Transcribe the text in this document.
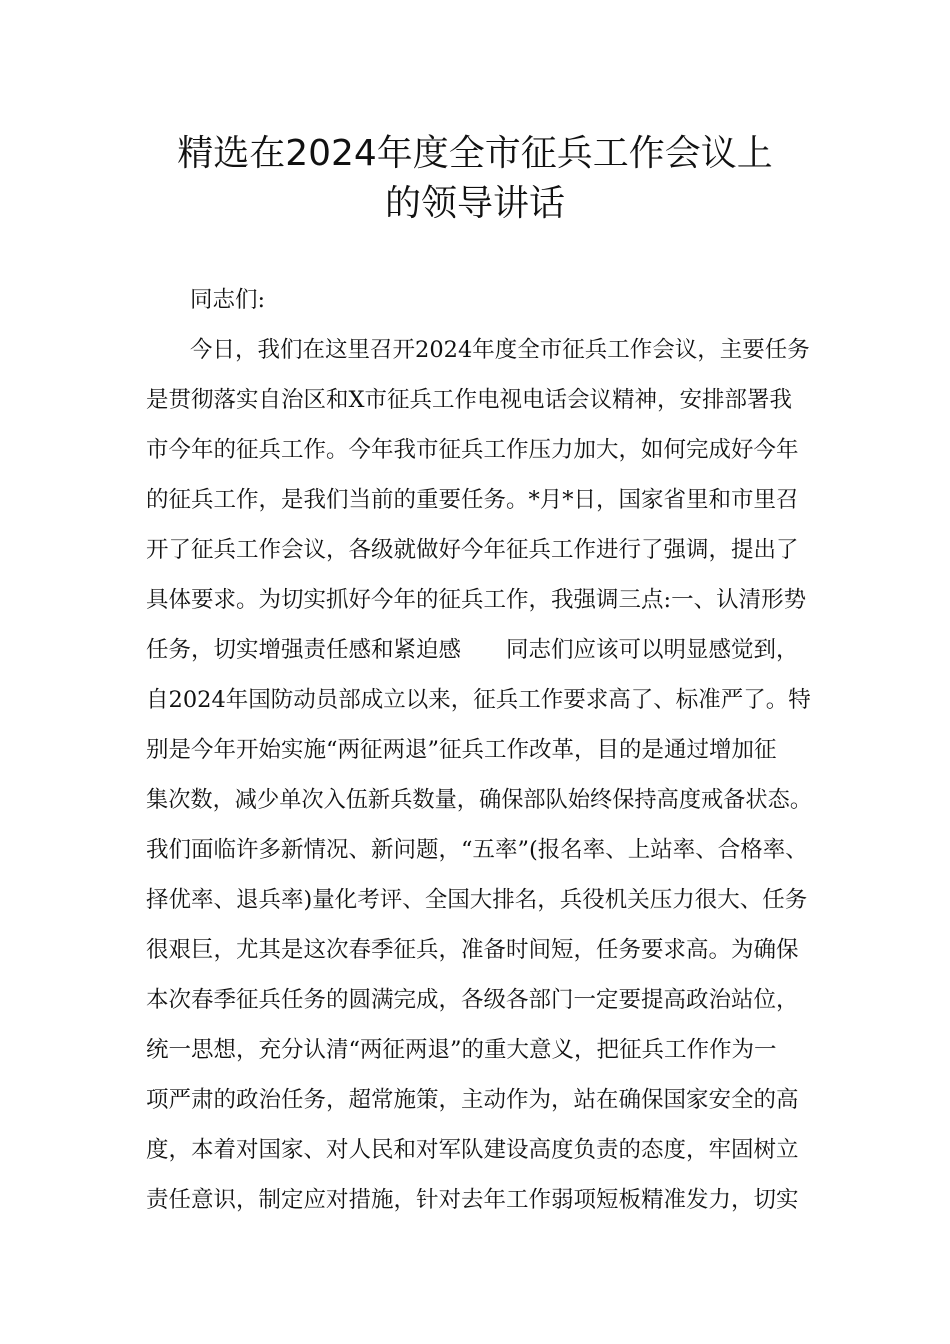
精选在2024年度全市征兵工作会议上
的领导讲话
同志们:
今日，我们在这里召开2024年度全市征兵工作会议，主要任务
是贯彻落实自治区和X市征兵工作电视电话会议精神，安排部署我
市今年的征兵工作。今年我市征兵工作压力加大，如何完成好今年
的征兵工作，是我们当前的重要任务。*月*日，国家省里和市里召
开了征兵工作会议，各级就做好今年征兵工作进行了强调，提出了
具体要求。为切实抓好今年的征兵工作，我强调三点:一、认清形势
任务，切实增强责任感和紧迫感　　同志们应该可以明显感觉到，
自2024年国防动员部成立以来，征兵工作要求高了、标准严了。特
别是今年开始实施“两征两退”征兵工作改革，目的是通过增加征
集次数，减少单次入伍新兵数量，确保部队始终保持高度戒备状态。
我们面临许多新情况、新问题，“五率”(报名率、上站率、合格率、
择优率、退兵率)量化考评、全国大排名，兵役机关压力很大、任务
很艰巨，尤其是这次春季征兵，准备时间短，任务要求高。为确保
本次春季征兵任务的圆满完成，各级各部门一定要提高政治站位，
统一思想，充分认清“两征两退”的重大意义，把征兵工作作为一
项严肃的政治任务，超常施策，主动作为，站在确保国家安全的高
度，本着对国家、对人民和对军队建设高度负责的态度，牢固树立
责任意识，制定应对措施，针对去年工作弱项短板精准发力，切实
